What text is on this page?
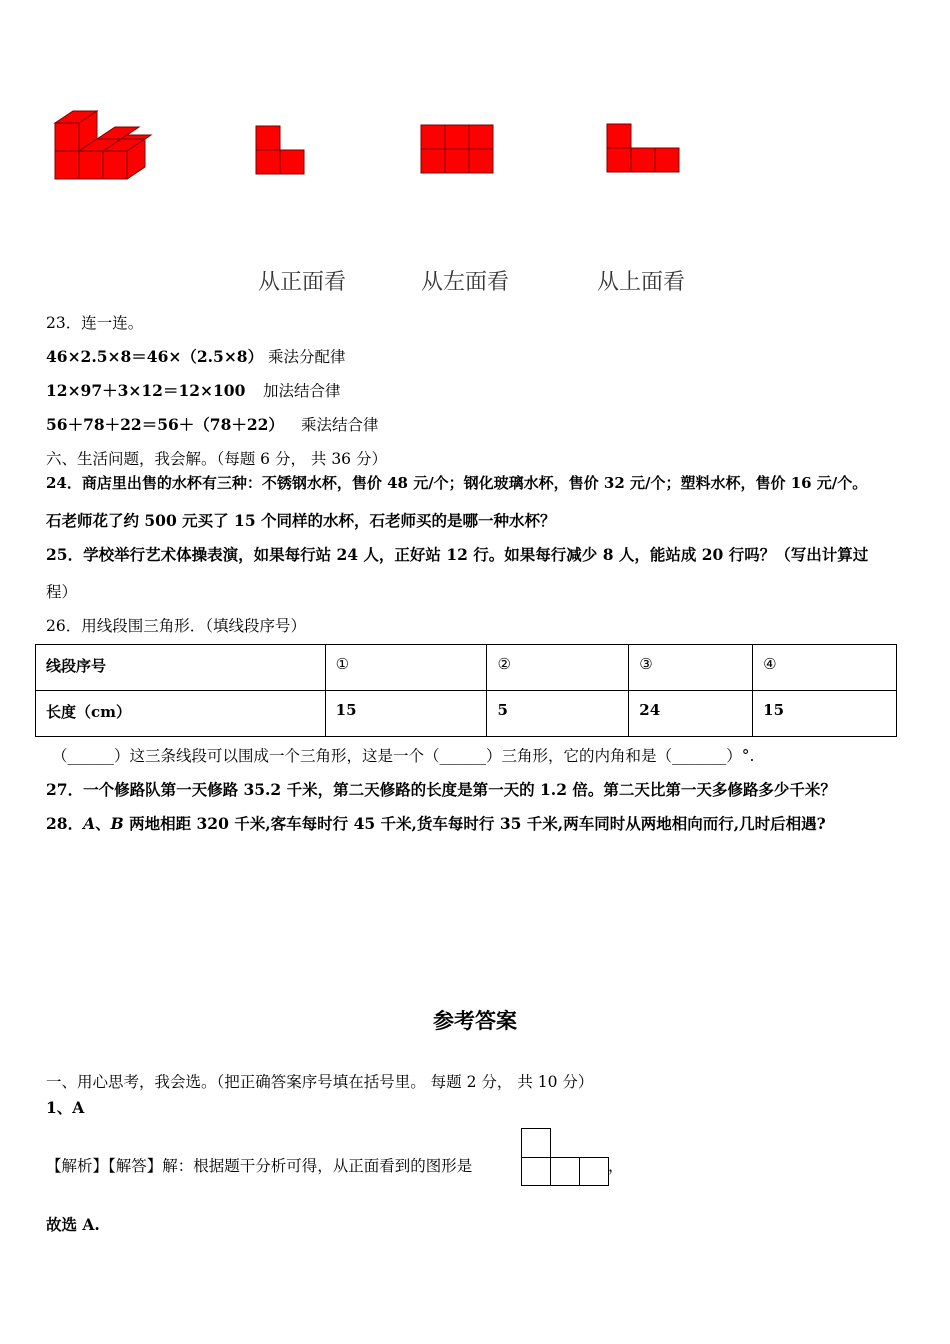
从正面看	从左面看	从上面看
23．连一连。
46×2.5×8＝46×（2.5×8） 乘法分配律
12×97＋3×12＝12×100 加法结合律
56＋78＋22＝56＋（78＋22） 乘法结合律
六、生活问题，我会解。（每题 6 分， 共 36 分）
24．商店里出售的水杯有三种：不锈钢水杯，售价 48 元/个；钢化玻璃水杯，售价 32 元/个；塑料水杯，售价 16 元/个。
石老师花了约 500 元买了 15 个同样的水杯，石老师买的是哪一种水杯？
25．学校举行艺术体操表演，如果每行站 24 人，正好站 12 行。如果每行减少 8 人，能站成 20 行吗？（写出计算过
程）
26．用线段围三角形．（填线段序号）
线段序号	①	②	③	④
长度（cm）	15	5	24	15
（______）这三条线段可以围成一个三角形，这是一个（______）三角形，它的内角和是（_______）°.
27．一个修路队第一天修路 35.2 千米，第二天修路的长度是第一天的 1.2 倍。第二天比第一天多修路多少千米？
28．A、B 两地相距 320 千米,客车每时行 45 千米,货车每时行 35 千米,两车同时从两地相向而行,几时后相遇?
参考答案
一、用心思考，我会选。（把正确答案序号填在括号里。 每题 2 分， 共 10 分）
1、A
【解析】【解答】解：根据题干分析可得，从正面看到的图形是	，
故选 A.
